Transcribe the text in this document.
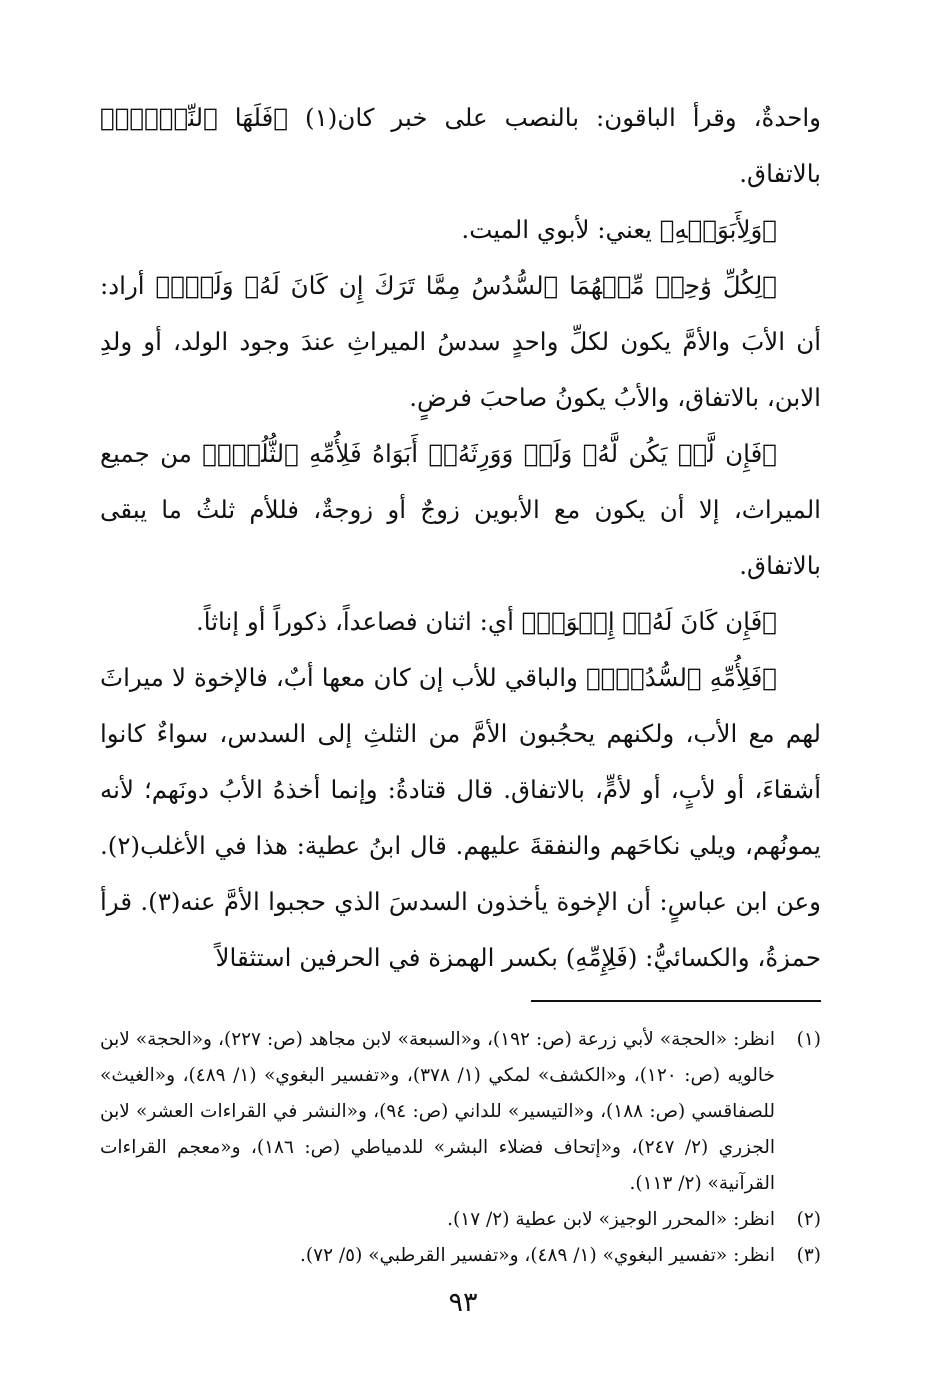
واحدةٌ، وقرأ الباقون: بالنصب على خبر كان(١) ﴿فَلَهَا ٱلنِّصۡفُۚ﴾ بالاتفاق.

﴿وَلِأَبَوَيۡهِ﴾ يعني: لأبوي الميت.

﴿لِكُلِّ وَٰحِدٖ مِّنۡهُمَا ٱلسُّدُسُ مِمَّا تَرَكَ إِن كَانَ لَهُۥ وَلَدٞۚ﴾ أراد: أن الأبَ والأمَّ يكون لكلِّ واحدٍ سدسُ الميراثِ عندَ وجود الولد، أو ولدِ الابن، بالاتفاق، والأبُ يكونُ صاحبَ فرضٍ.

﴿فَإِن لَّمۡ يَكُن لَّهُۥ وَلَدٞ وَوَرِثَهُۥٓ أَبَوَاهُ فَلِأُمِّهِ ٱلثُّلُثُۚ﴾ من جميع الميراث، إلا أن يكون مع الأبوين زوجٌ أو زوجةٌ، فللأم ثلثُ ما يبقى بالاتفاق.

﴿فَإِن كَانَ لَهُۥٓ إِخۡوَةٞ﴾ أي: اثنان فصاعداً، ذكوراً أو إناثاً.

﴿فَلِأُمِّهِ ٱلسُّدُسُۚ﴾ والباقي للأب إن كان معها أبٌ، فالإخوة لا ميراثَ لهم مع الأب، ولكنهم يحجُبون الأمَّ من الثلثِ إلى السدس، سواءٌ كانوا أشقاءَ، أو لأبٍ، أو لأمٍّ، بالاتفاق. قال قتادةُ: وإنما أخذهُ الأبُ دونَهم؛ لأنه يمونُهم، ويلي نكاحَهم والنفقةَ عليهم. قال ابنُ عطية: هذا في الأغلب(٢). وعن ابن عباسٍ: أن الإخوة يأخذون السدسَ الذي حجبوا الأمَّ عنه(٣). قرأ حمزةُ، والكسائيُّ: (فَلِإِمِّهِ) بكسر الهمزة في الحرفين استثقالاً

(١)
انظر: «الحجة» لأبي زرعة (ص: ١٩٢)، و«السبعة» لابن مجاهد (ص: ٢٢٧)، و«الحجة» لابن خالويه (ص: ١٢٠)، و«الكشف» لمكي (١/ ٣٧٨)، و«تفسير البغوي» (١/ ٤٨٩)، و«الغيث» للصفاقسي (ص: ١٨٨)، و«التيسير» للداني (ص: ٩٤)، و«النشر في القراءات العشر» لابن الجزري (٢/ ٢٤٧)، و«إتحاف فضلاء البشر» للدمياطي (ص: ١٨٦)، و«معجم القراءات القرآنية» (٢/ ١١٣).
(٢)
انظر: «المحرر الوجيز» لابن عطية (٢/ ١٧).
(٣)
انظر: «تفسير البغوي» (١/ ٤٨٩)، و«تفسير القرطبي» (٥/ ٧٢).
٩٣
